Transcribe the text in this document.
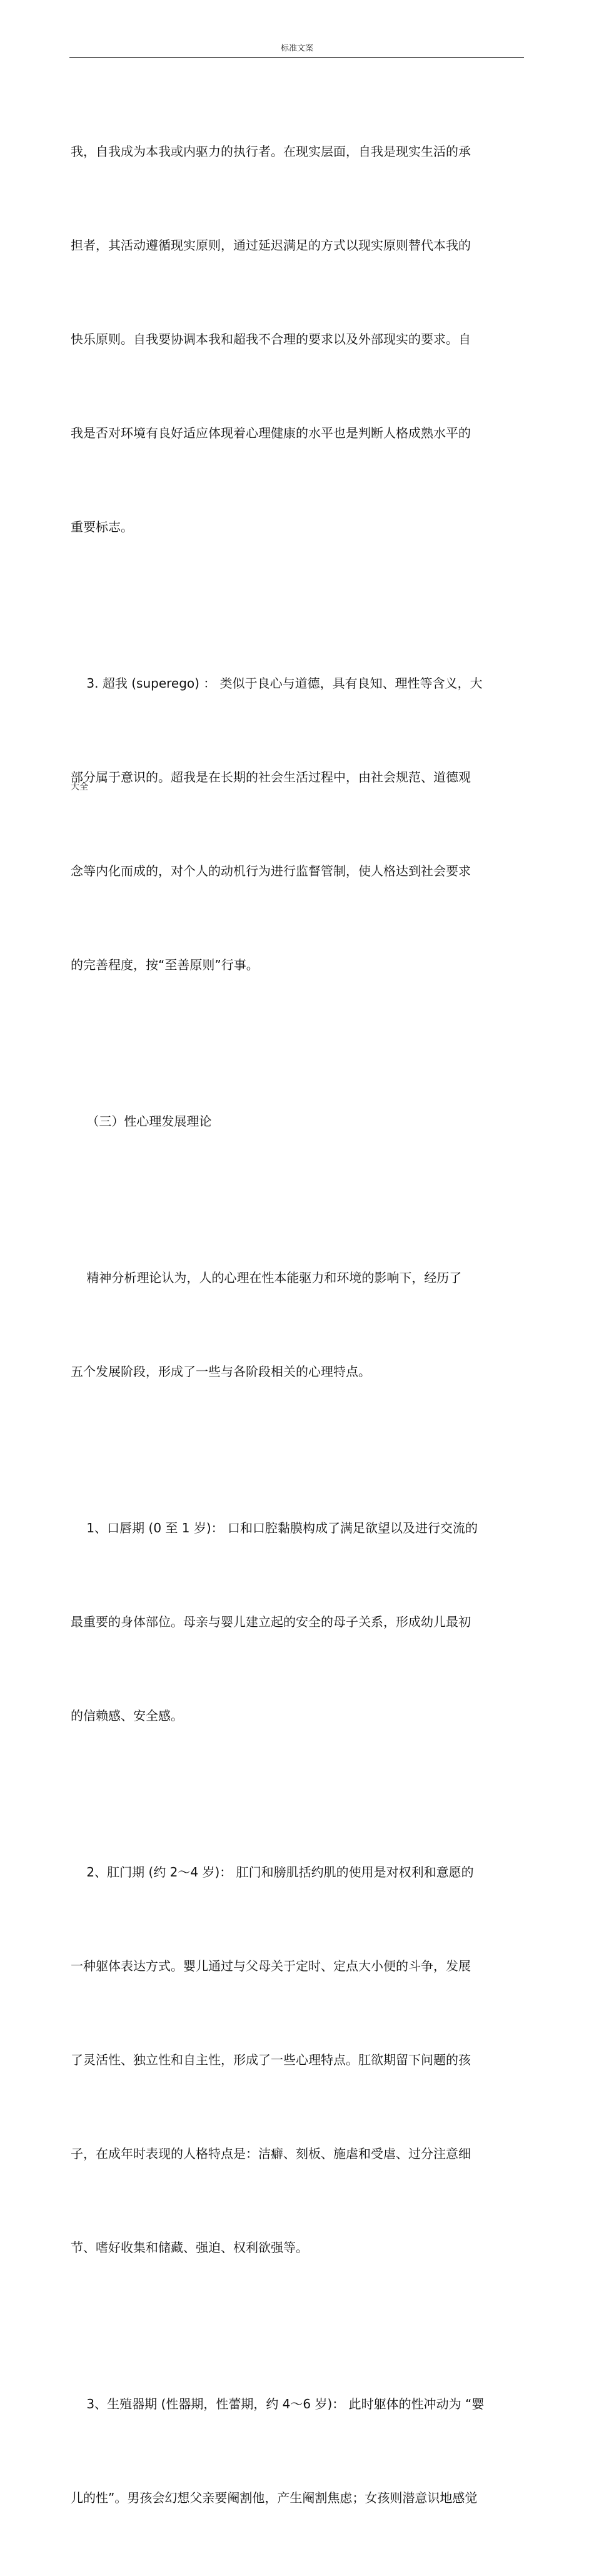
标准文案

我，自我成为本我或内驱力的执行者。在现实层面，自我是现实生活的承

担者，其活动遵循现实原则，通过延迟满足的方式以现实原则替代本我的

快乐原则。自我要协调本我和超我不合理的要求以及外部现实的要求。自

我是否对环境有良好适应体现着心理健康的水平也是判断人格成熟水平的

重要标志。

3. 超我 (superego) ： 类似于良心与道德，具有良知、理性等含义，大

部分属于意识的。超我是在长期的社会生活过程中，由社会规范、道德观

念等内化而成的，对个人的动机行为进行监督管制，使人格达到社会要求

的完善程度，按“至善原则”行事。

（三）性心理发展理论

精神分析理论认为，人的心理在性本能驱力和环境的影响下，经历了

五个发展阶段，形成了一些与各阶段相关的心理特点。

1、口唇期 (0 至 1 岁)： 口和口腔黏膜构成了满足欲望以及进行交流的

最重要的身体部位。母亲与婴儿建立起的安全的母子关系，形成幼儿最初

的信赖感、安全感。

2、肛门期 (约 2～4 岁)： 肛门和膀肌括约肌的使用是对权利和意愿的

一种躯体表达方式。婴儿通过与父母关于定时、定点大小便的斗争，发展

了灵活性、独立性和自主性，形成了一些心理特点。肛欲期留下问题的孩

子，在成年时表现的人格特点是：洁癖、刻板、施虐和受虐、过分注意细

节、嗜好收集和储藏、强迫、权利欲强等。

3、生殖器期 (性器期，性蕾期，约 4～6 岁)： 此时躯体的性冲动为 “婴

儿的性”。男孩会幻想父亲要阉割他，产生阉割焦虑；女孩则潜意识地感觉

大全
